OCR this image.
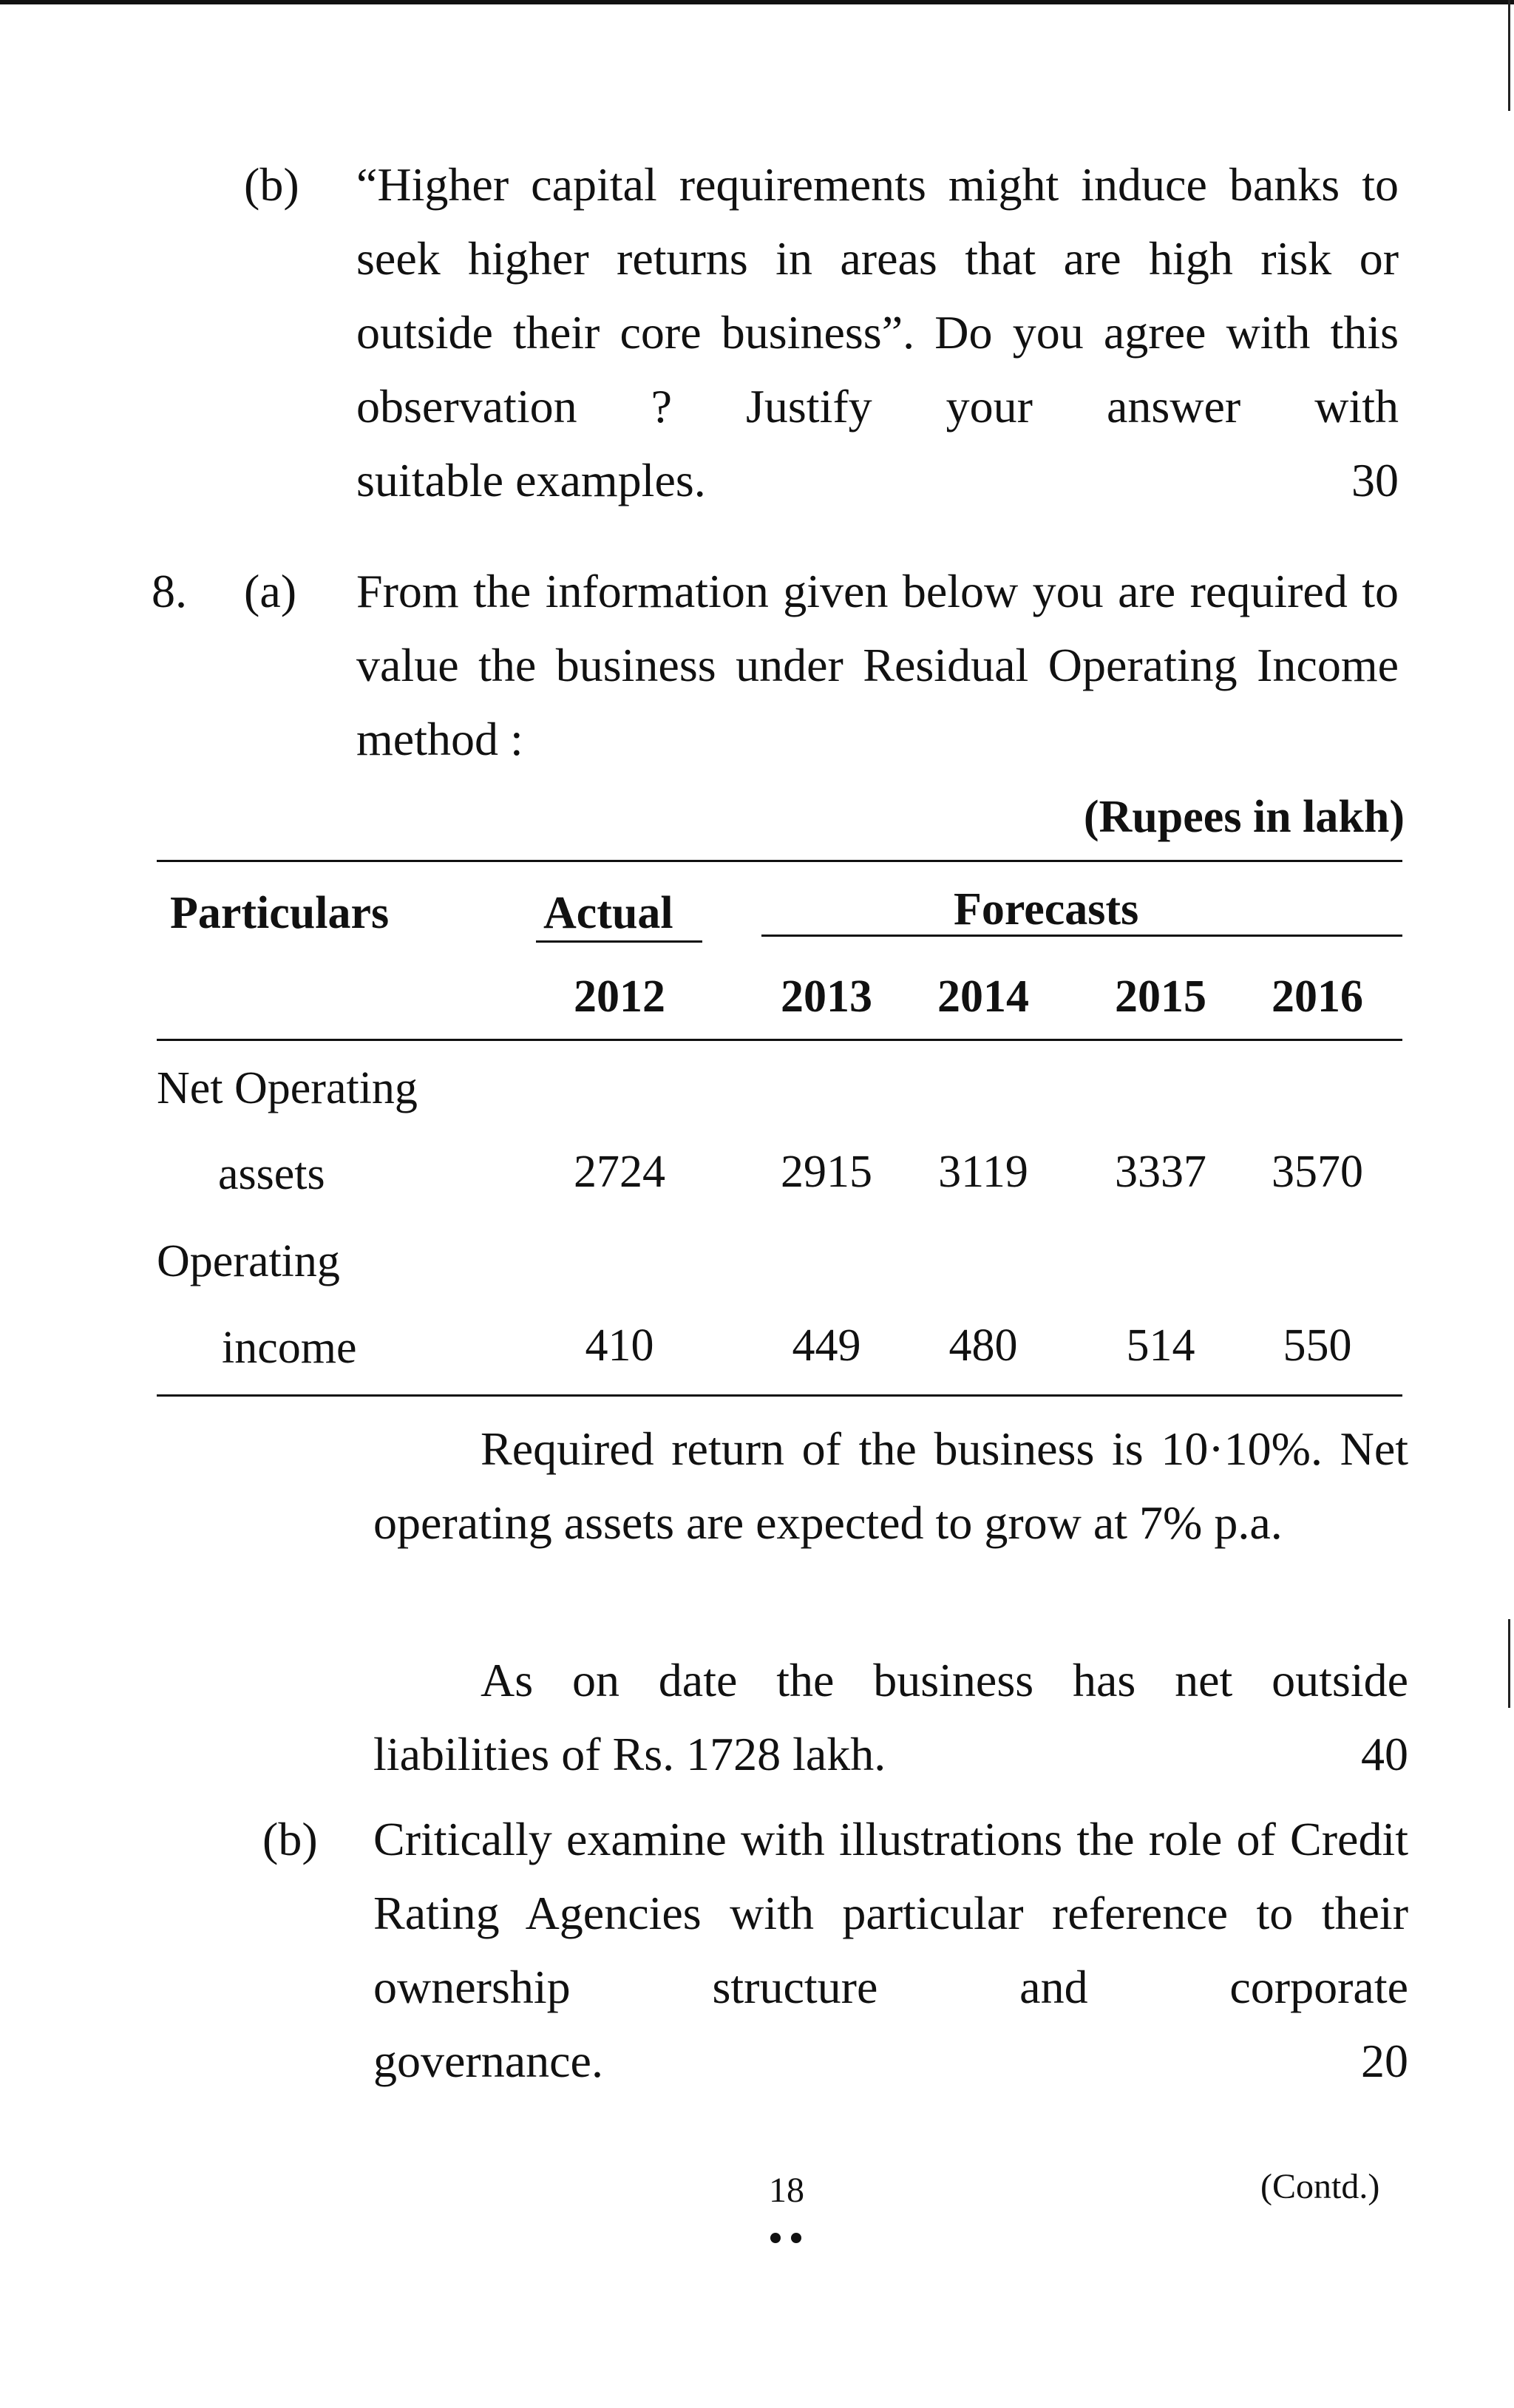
(b) “Higher capital requirements might induce banks to seek higher returns in areas that are high risk or outside their core business”. Do you agree with this observation ? Justify your answer with
suitable examples.	30
8. (a) From the information given below you are required to value the business under Residual Operating Income method :
(Rupees in lakh)
Particulars	Actual	Forecasts
2012	2013 2014 2015 2016
Net Operating
assets	2724	2915	3119	3337 3570
Operating
income	410	449	480	514	550
Required return of the business is 10·10%. Net operating assets are expected to grow at 7% p.a.
As on date the business has net outside
liabilities of Rs. 1728 lakh.	40
(b) Critically examine with illustrations the role of Credit Rating Agencies with particular reference to their ownership structure and corporate
governance.	20
18	(Contd.)
